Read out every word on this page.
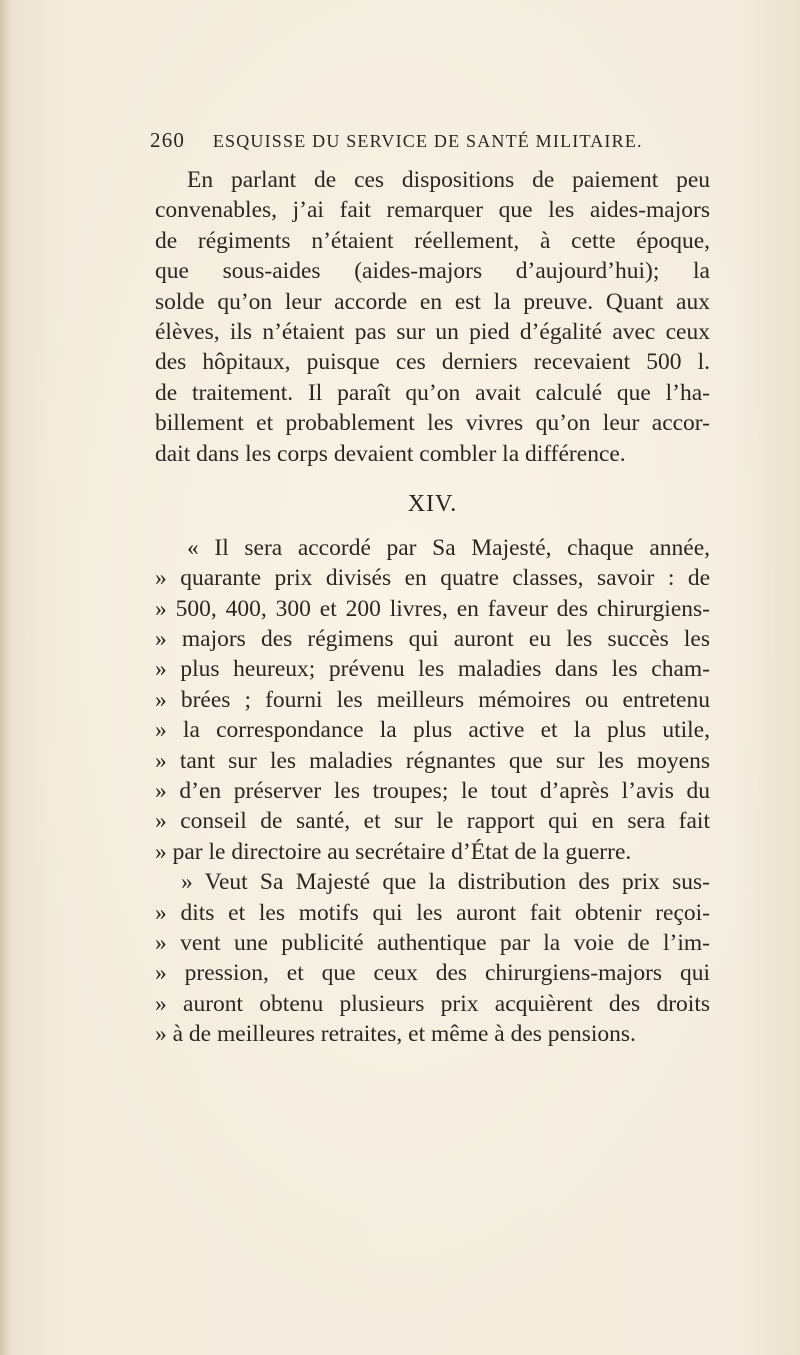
260 ESQUISSE DU SERVICE DE SANTÉ MILITAIRE.
En parlant de ces dispositions de paiement peu
convenables, j’ai fait remarquer que les aides-majors
de régiments n’étaient réellement, à cette époque,
que sous-aides (aides-majors d’aujourd’hui); la
solde qu’on leur accorde en est la preuve. Quant aux
élèves, ils n’étaient pas sur un pied d’égalité avec ceux
des hôpitaux, puisque ces derniers recevaient 500 l.
de traitement. Il paraît qu’on avait calculé que l’ha-
billement et probablement les vivres qu’on leur accor-
dait dans les corps devaient combler la différence.
XIV.
« Il sera accordé par Sa Majesté, chaque année,
» quarante prix divisés en quatre classes, savoir : de
» 500, 400, 300 et 200 livres, en faveur des chirurgiens-
» majors des régimens qui auront eu les succès les
» plus heureux; prévenu les maladies dans les cham-
» brées ; fourni les meilleurs mémoires ou entretenu
» la correspondance la plus active et la plus utile,
» tant sur les maladies régnantes que sur les moyens
» d’en préserver les troupes; le tout d’après l’avis du
» conseil de santé, et sur le rapport qui en sera fait
» par le directoire au secrétaire d’État de la guerre.
» Veut Sa Majesté que la distribution des prix sus-
» dits et les motifs qui les auront fait obtenir reçoi-
» vent une publicité authentique par la voie de l’im-
» pression, et que ceux des chirurgiens-majors qui
» auront obtenu plusieurs prix acquièrent des droits
» à de meilleures retraites, et même à des pensions.
